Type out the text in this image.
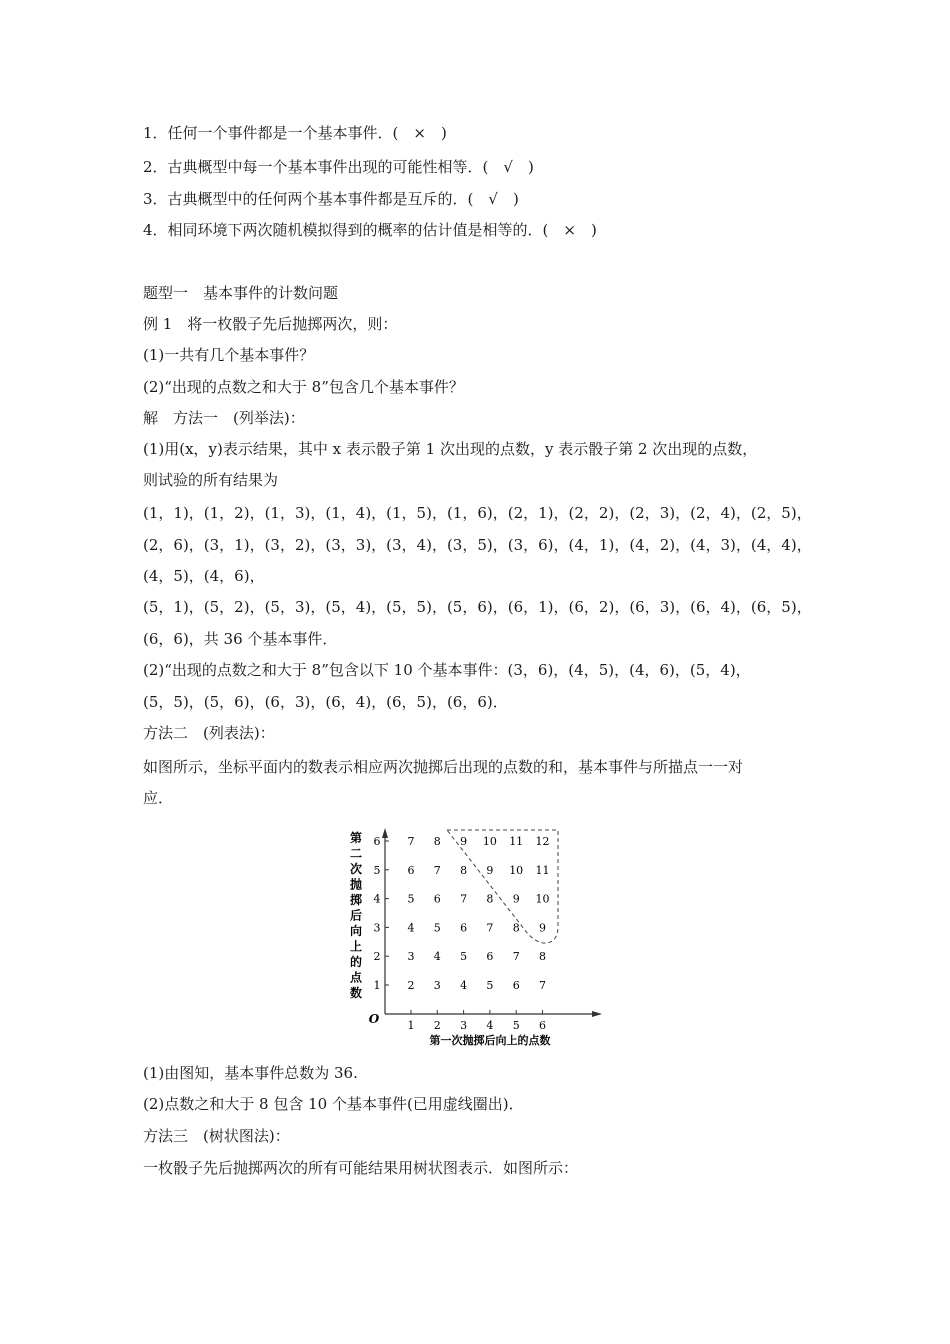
1．任何一个事件都是一个基本事件．(　×　)
2．古典概型中每一个基本事件出现的可能性相等．(　√　)
3．古典概型中的任何两个基本事件都是互斥的．(　√　)
4．相同环境下两次随机模拟得到的概率的估计值是相等的．(　×　)
题型一　基本事件的计数问题
例 1　将一枚骰子先后抛掷两次，则：
(1)一共有几个基本事件？
(2)“出现的点数之和大于 8”包含几个基本事件？
解　方法一　(列举法)：
(1)用(x，y)表示结果，其中 x 表示骰子第 1 次出现的点数，y 表示骰子第 2 次出现的点数，
则试验的所有结果为
(1，1)，(1，2)，(1，3)，(1，4)，(1，5)，(1，6)，(2，1)，(2，2)，(2，3)，(2，4)，(2，5)，
(2，6)，(3，1)，(3，2)，(3，3)，(3，4)，(3，5)，(3，6)，(4，1)，(4，2)，(4，3)，(4，4)，
(4，5)，(4，6)，
(5，1)，(5，2)，(5，3)，(5，4)，(5，5)，(5，6)，(6，1)，(6，2)，(6，3)，(6，4)，(6，5)，
(6，6)，共 36 个基本事件．
(2)“出现的点数之和大于 8”包含以下 10 个基本事件：(3，6)，(4，5)，(4，6)，(5，4)，
(5，5)，(5，6)，(6，3)，(6，4)，(6，5)，(6，6)．
方法二　(列表法)：
如图所示，坐标平面内的数表示相应两次抛掷后出现的点数的和，基本事件与所描点一一对
应．
O	1 2 3 4 5 6
1
2
3
4
5
6
第一次抛掷后向上的点数
第
二
次
抛
掷
后
向
上
的
点
数
7 8 9 10 11 12
6 7 8 9 10 11
5 6 7 8 9 10
4 5 6 7 8 9
3 4 5 6 7 8
2 3 4 5 6 7
(1)由图知，基本事件总数为 36.
(2)点数之和大于 8 包含 10 个基本事件(已用虚线圈出)．
方法三　(树状图法)：
一枚骰子先后抛掷两次的所有可能结果用树状图表示．如图所示：
